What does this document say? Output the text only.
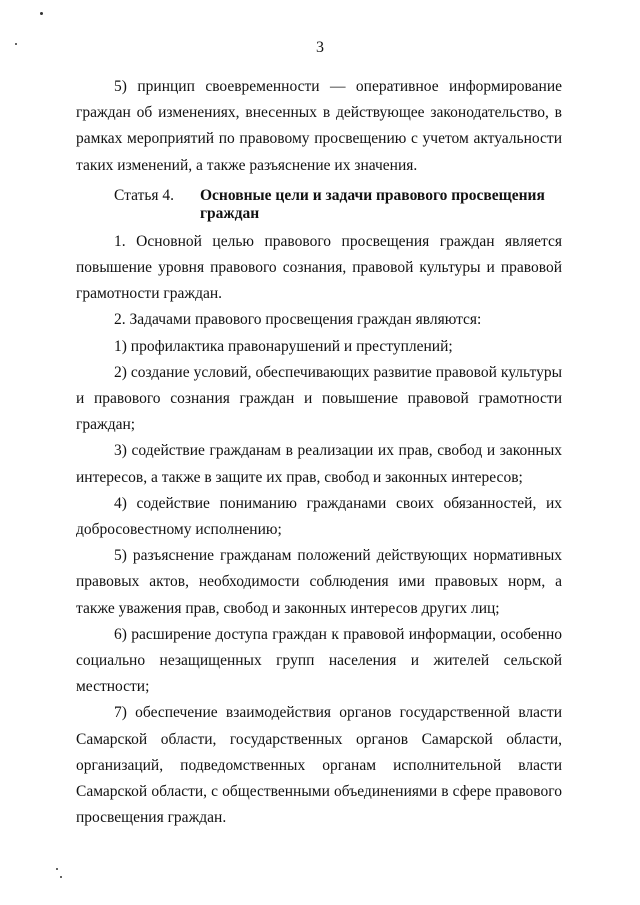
3

5) принцип своевременности — оперативное информирование граждан об изменениях, внесенных в действующее законодательство, в рамках мероприятий по правовому просвещению с учетом актуальности таких изменений, а также разъяснение их значения.

Статья 4.	Основные цели и задачи правового просвещения граждан

1. Основной целью правового просвещения граждан является повышение уровня правового сознания, правовой культуры и правовой грамотности граждан.

2. Задачами правового просвещения граждан являются:

1) профилактика правонарушений и преступлений;

2) создание условий, обеспечивающих развитие правовой культуры и правового сознания граждан и повышение правовой грамотности граждан;

3) содействие гражданам в реализации их прав, свобод и законных интересов, а также в защите их прав, свобод и законных интересов;

4) содействие пониманию гражданами своих обязанностей, их добросовестному исполнению;

5) разъяснение гражданам положений действующих нормативных правовых актов, необходимости соблюдения ими правовых норм, а также уважения прав, свобод и законных интересов других лиц;

6) расширение доступа граждан к правовой информации, особенно социально незащищенных групп населения и жителей сельской местности;

7) обеспечение взаимодействия органов государственной власти Самарской области, государственных органов Самарской области, организаций, подведомственных органам исполнительной власти Самарской области, с общественными объединениями в сфере правового просвещения граждан.
